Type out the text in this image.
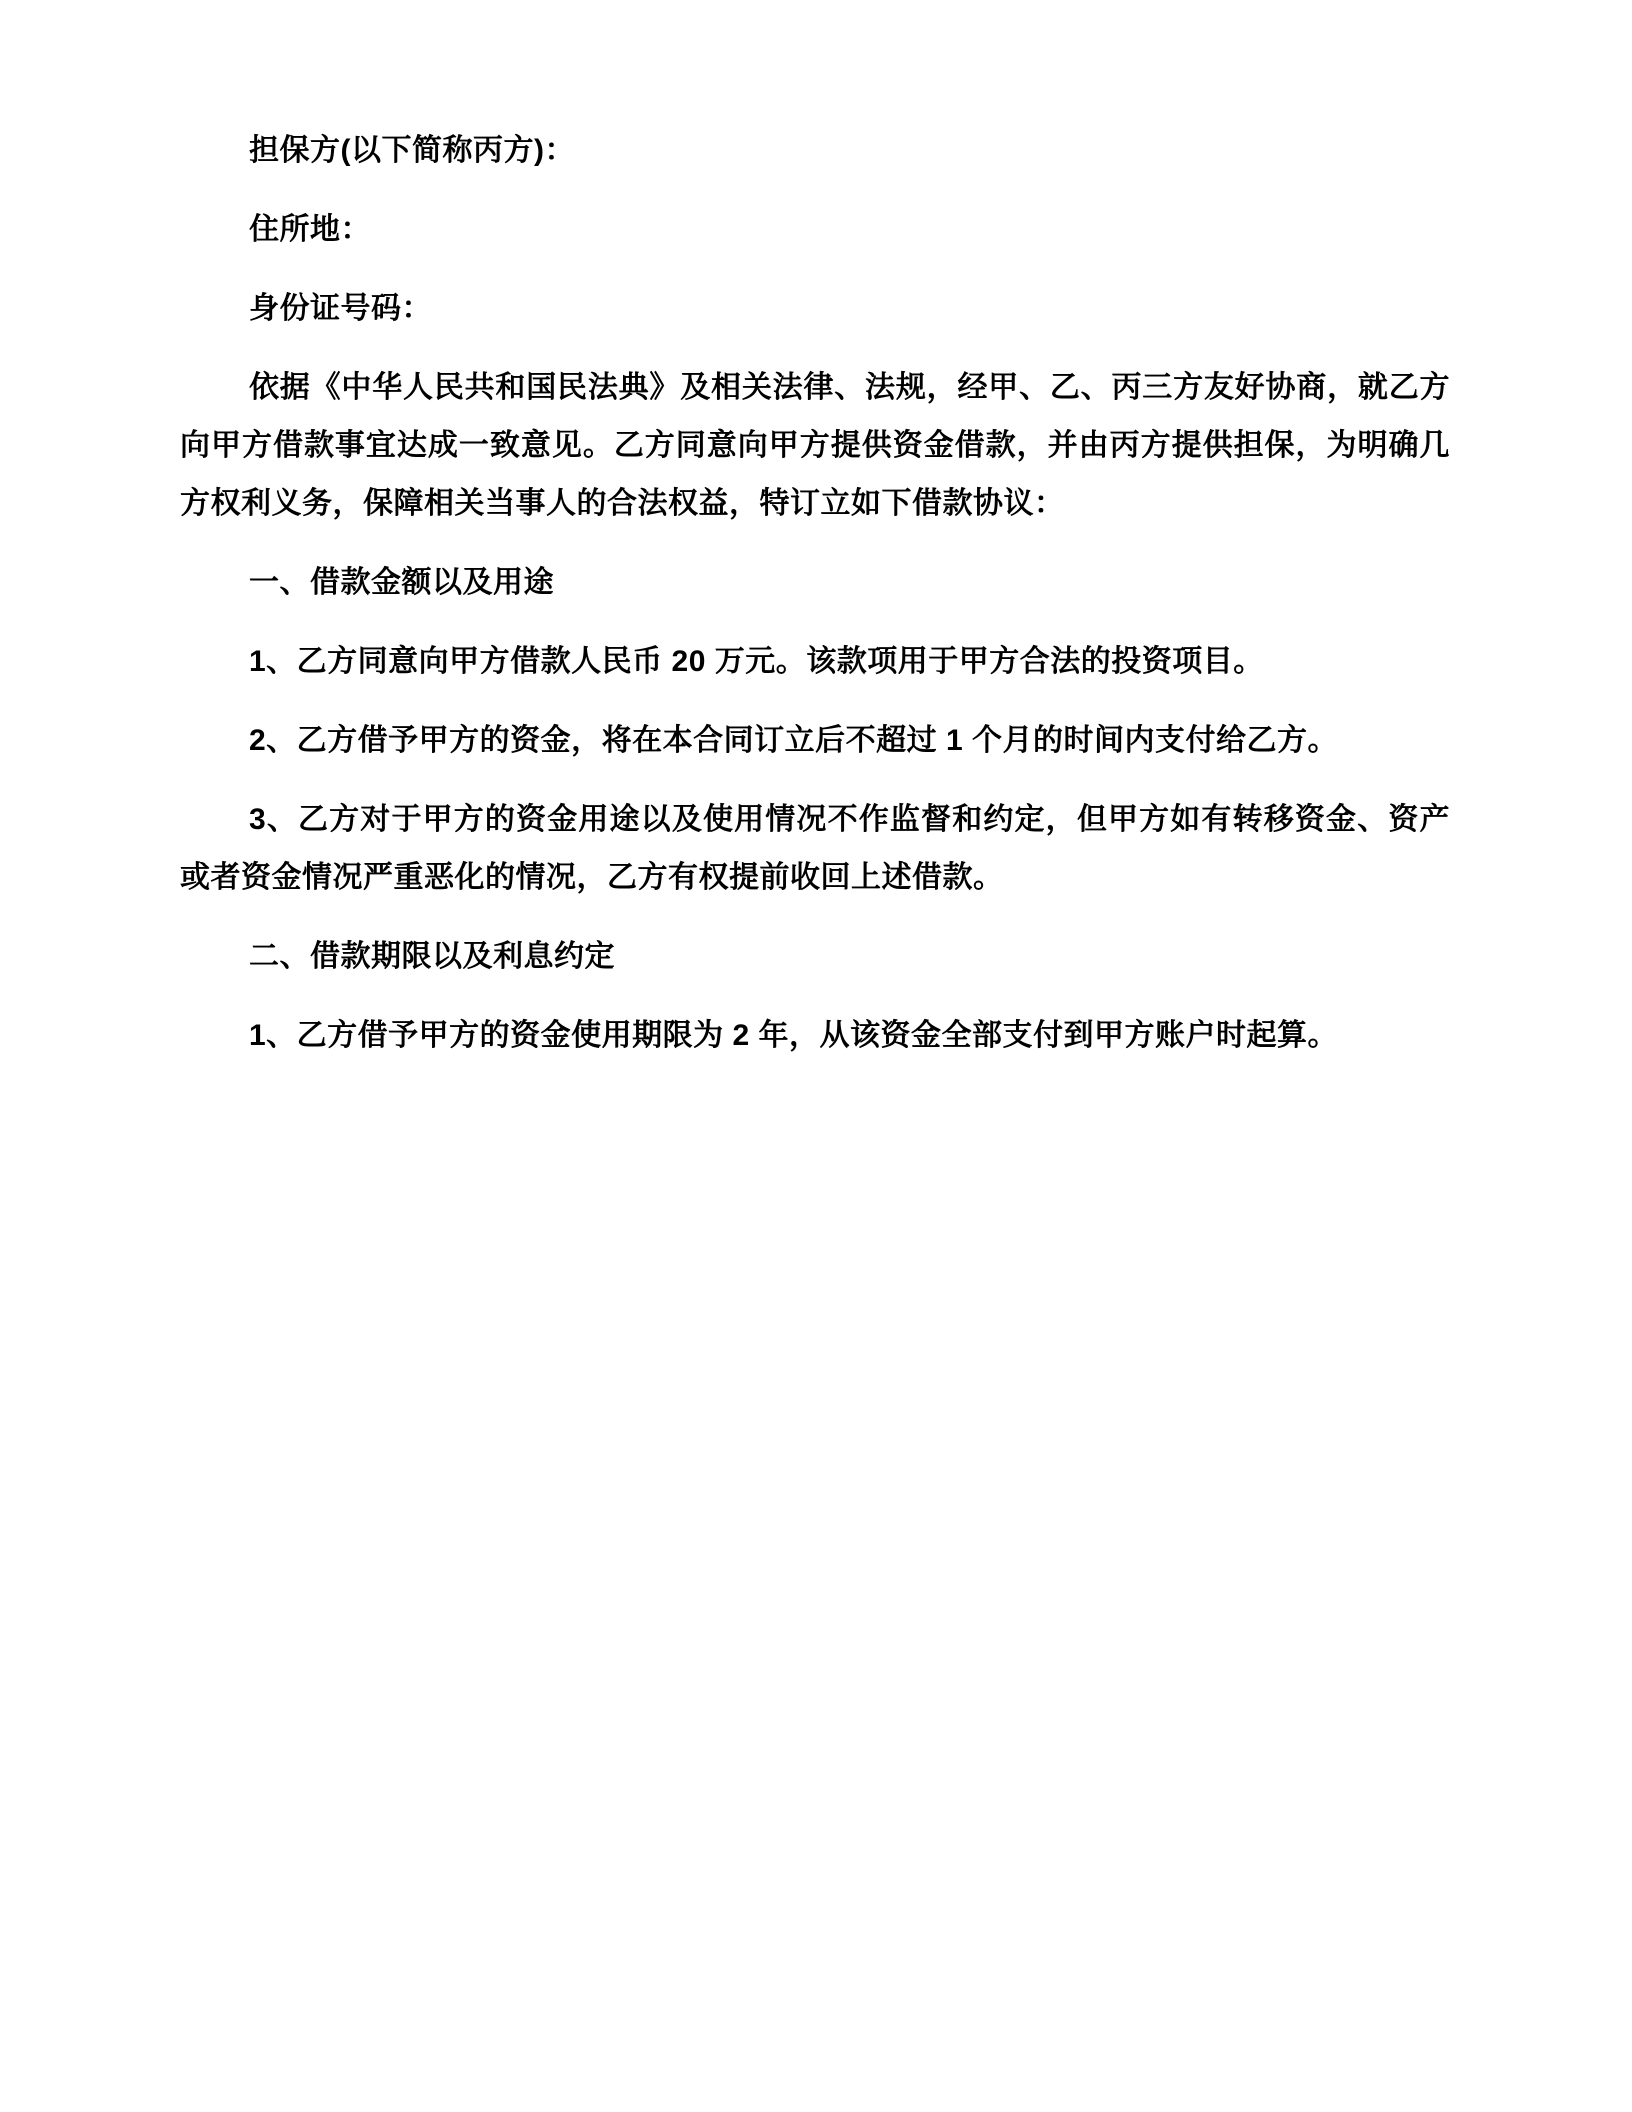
担保方(以下简称丙方)：

住所地：

身份证号码：

依据《中华人民共和国民法典》及相关法律、法规，经甲、乙、丙三方友好协商，就乙方向甲方借款事宜达成一致意见。乙方同意向甲方提供资金借款，并由丙方提供担保，为明确几方权利义务，保障相关当事人的合法权益，特订立如下借款协议：

一、借款金额以及用途

1、乙方同意向甲方借款人民币 20 万元。该款项用于甲方合法的投资项目。

2、乙方借予甲方的资金，将在本合同订立后不超过 1 个月的时间内支付给乙方。

3、乙方对于甲方的资金用途以及使用情况不作监督和约定，但甲方如有转移资金、资产或者资金情况严重恶化的情况，乙方有权提前收回上述借款。

二、借款期限以及利息约定

1、乙方借予甲方的资金使用期限为 2 年，从该资金全部支付到甲方账户时起算。
